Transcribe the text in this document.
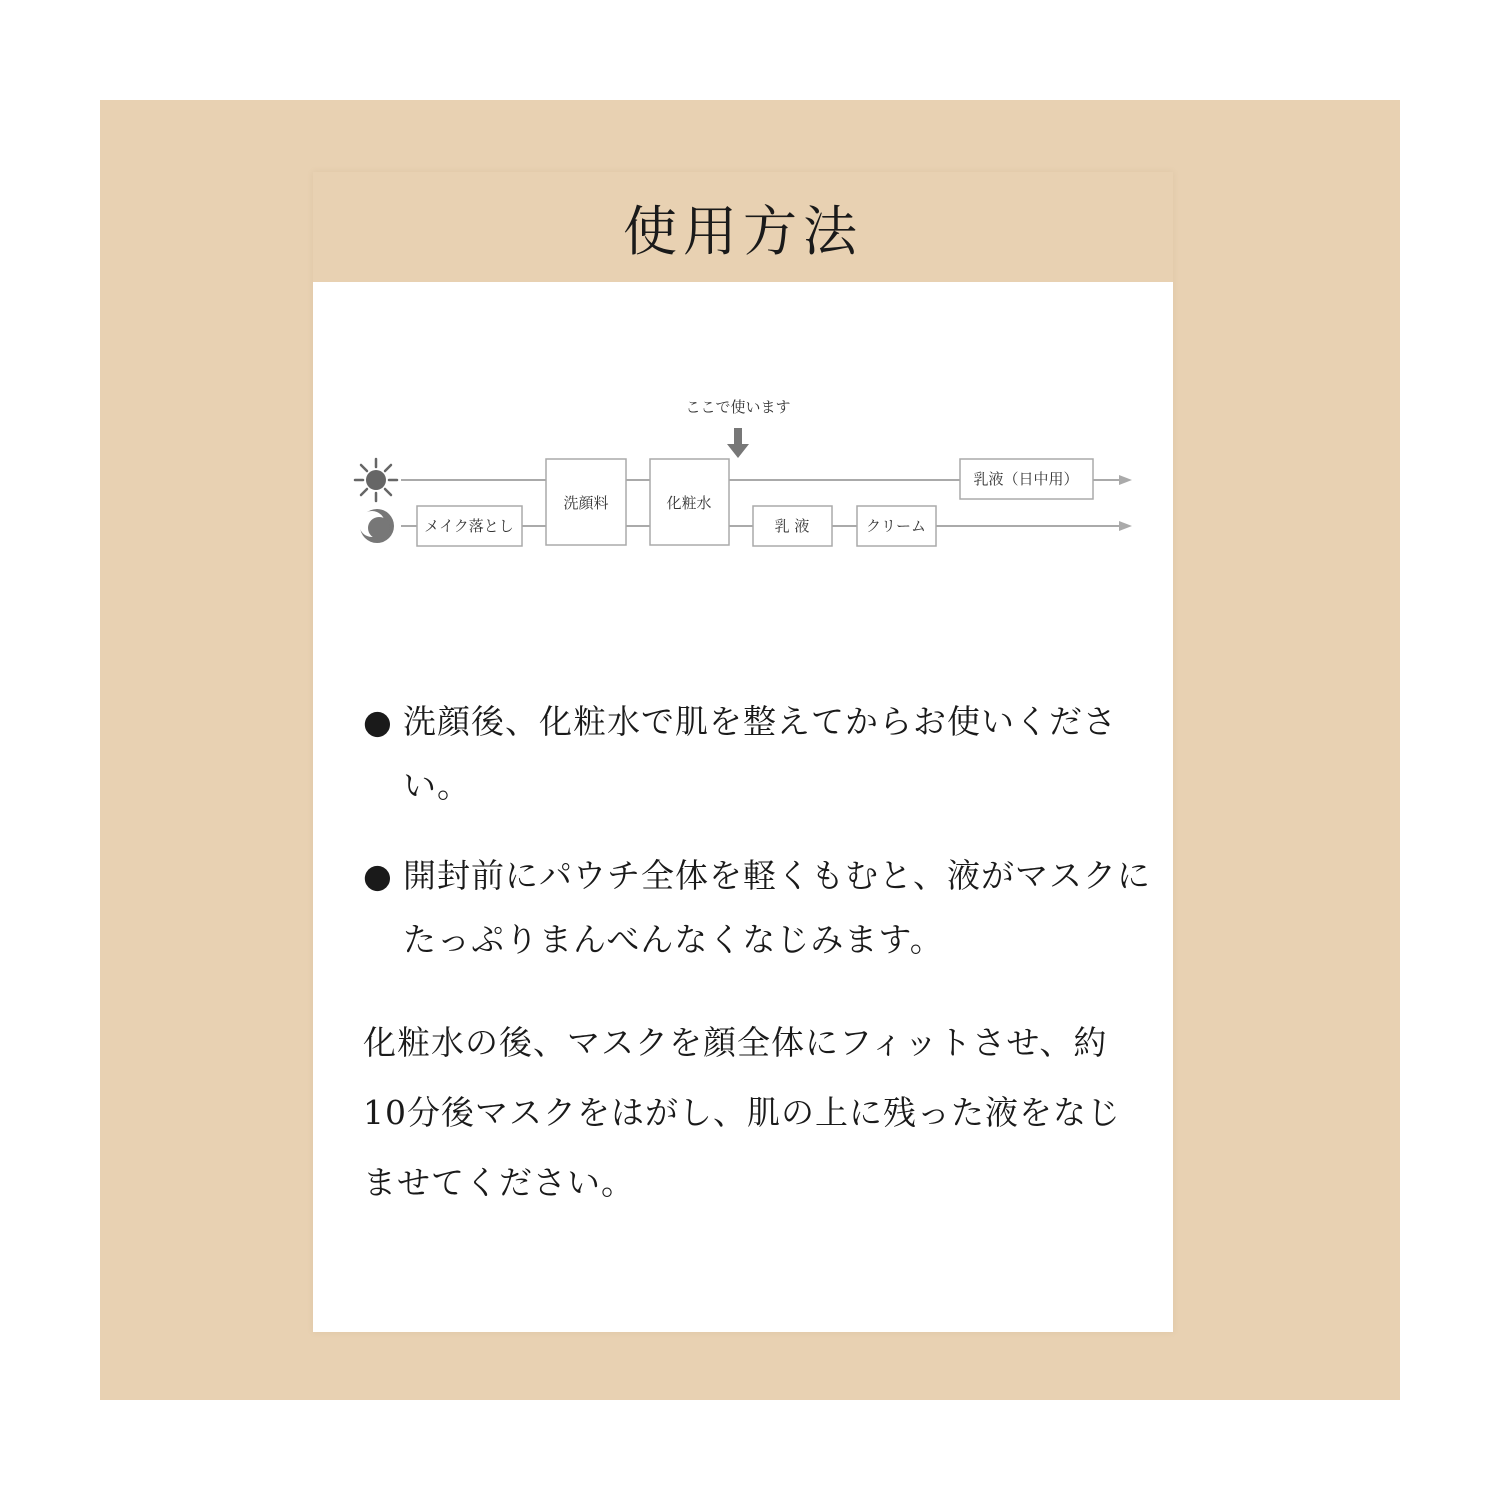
使用方法
ここで使います
メイク落とし
洗顔料	化粧水
乳液（日中用）
乳 液	クリーム
● 洗顔後、化粧水で肌を整えてからお使いください。
● 開封前にパウチ全体を軽くもむと、液がマスクにたっぷりまんべんなくなじみます。
化粧水の後、マスクを顔全体にフィットさせ、約10分後マスクをはがし、肌の上に残った液をなじませてください。
